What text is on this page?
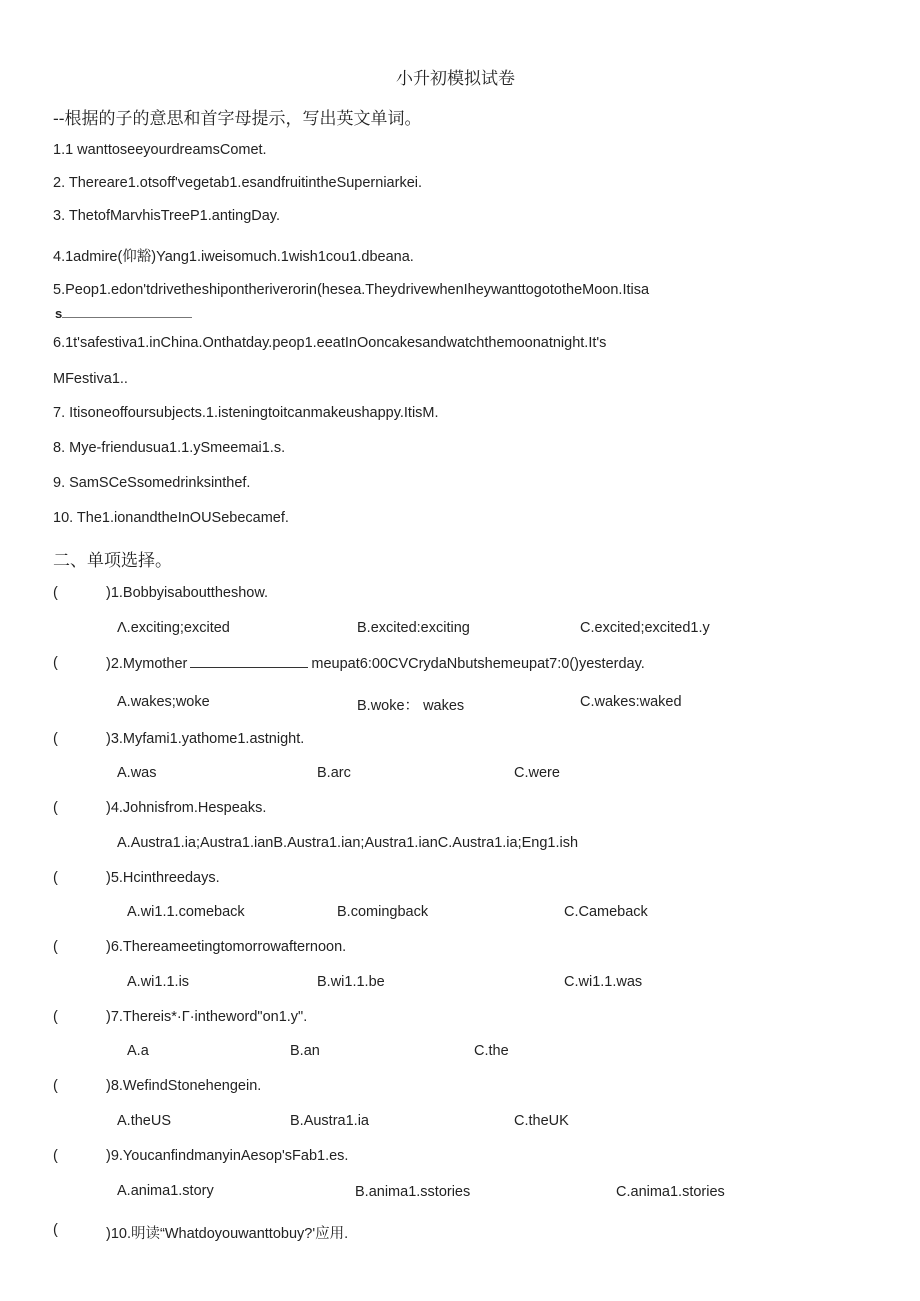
小升初模拟试卷
--根据的子的意思和首字母提示，写出英文单词。
1.1 wanttoseeyourdreamsComet.
2. Thereare1.otsoff'vegetab1.esandfruitintheSuperniarkei.
3. ThetofMarvhisTreeP1.antingDay.
4.1admire(仰豁)Yang1.iweisomuch.1wish1cou1.dbeana.
5.Peop1.edon'tdrivetheshipontheriverorin(hesea.TheydrivewhenIheywanttogototheMoon.Itisa
s
6.1t'safestiva1.inChina.Onthatday.peop1.eeatInOoncakesandwatchthemoonatnight.It's
MFestiva1..
7. Itisoneoffoursubjects.1.isteningtoitcanmakeushappy.ItisM.
8. Mye-friendusua1.1.ySmeemai1.s.
9. SamSCeSsomedrinksinthef.
10. The1.ionandtheInOUSebecamef.
二、单项选择。
(	)1.Bobbyisabouttheshow.
Λ.exciting;excited	B.excited:exciting	C.excited;excited1.y
(	)2.Mymother	meupat6:00CVCrydaNbutshemeupat7:0()yesterday.
A.wakes;woke	B.woke： wakes	C.wakes:waked
(	)3.Myfami1.yathome1.astnight.
A.was	B.arc	C.were
(	)4.Johnisfrom.Hespeaks.
A.Austra1.ia;Austra1.ianB.Austra1.ian;Austra1.ianC.Austra1.ia;Eng1.ish
(	)5.Hcinthreedays.
A.wi1.1.comeback	B.comingback	C.Cameback
(	)6.Thereameetingtomorrowafternoon.
A.wi1.1.is	B.wi1.1.be	C.wi1.1.was
(	)7.Thereis*·Γ·intheword"on1.y".
A.a	B.an	C.the
(	)8.WefindStonehengein.
A.theUS	B.Austra1.ia	C.theUK
(	)9.YoucanfindmanyinAesop'sFab1.es.
A.anima1.story	B.anima1.sstories	C.anima1.stories
(	)10.明读“Whatdoyouwanttobuy?'应用.
